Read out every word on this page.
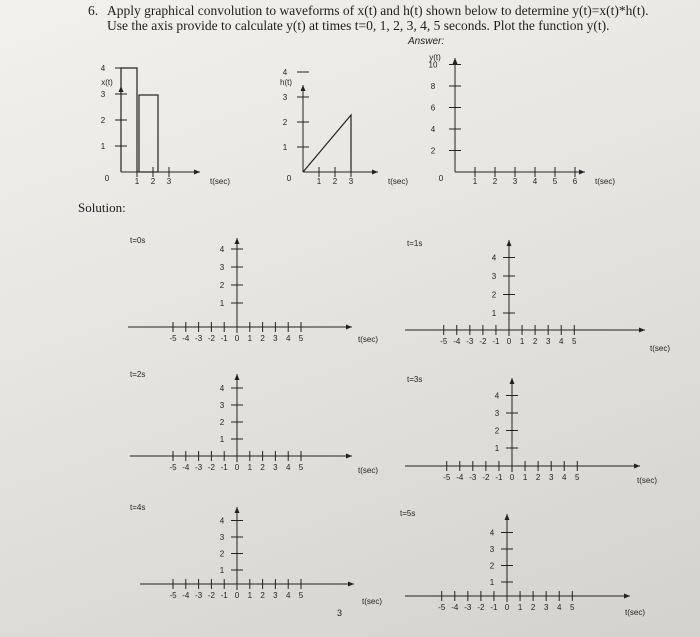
6. Apply graphical convolution to waveforms of x(t) and h(t) shown below to determine y(t)=x(t)*h(t).
Use the axis provide to calculate y(t) at times t=0, 1, 2, 3, 4, 5 seconds. Plot the function y(t).
Answer:
Solution:
3
x(t)
0
1
2
3
4
1 2 3	t(sec)
h(t)
0
1
2
3
4
1 2 3	t(sec)
y(t)
0
2
4
6
8
10
1 2 3 4 5 6 t(sec)
t=0s
1
2
3
4
-5 -4 -3 -2 -1 0 1 2 3 4 5	t(sec)
t=1s
1
2
3
4
-5 -4 -3 -2 -1 0 1 2 3 4 5
t(sec)
t=2s
1
2
3
4
-5 -4 -3 -2 -1 0 1 2 3 4 5	t(sec)
t=3s
1
2
3
4
-5 -4 -3 -2 -1 0 1 2 3 4 5	t(sec)
t=4s
1
2
3
4
-5 -4 -3 -2 -1 0 1 2 3 4 5
t(sec)
t=5s
1
2
3
4
-5 -4 -3 -2 -1 0 1 2 3 4 5
t(sec)
